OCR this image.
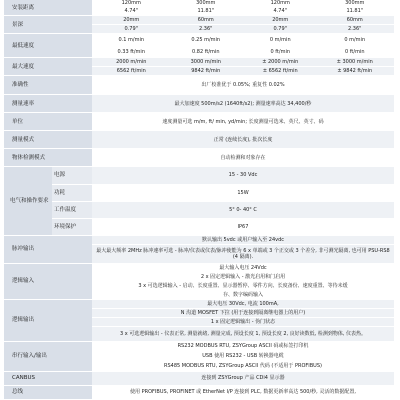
安装距离	120mm 300mm 120mm 300mm

	4.74" 11.81" 4.74" 11.81"

景深	20mm 60mm 20mm 60mm

	0.79" 2.36" 0.79" 2.36"

最低速度	0.1 m/min 0.25 m/min 0 m/min 0 m/min

	0.33 ft/min 0.82 ft/min 0 ft/min 0 ft/min

最大速度	2000 m/min 3000 m/min ± 2000 m/min ± 3000 m/min

	6562 ft/min 9842 ft/min ± 6562 ft/min ± 9842 ft/min

准确性	出厂校准优于 0.05%; 重复性 0.02%
测量速率	最大加速度 500m/s2 (1640ft/s2); 测量速率高达 34,400/秒
单位	速度测量可选 m/m, ft/ min, yd/min; 长度测量可选米、英尺、英寸、码
测量模式	正常 (连续长度), 批次长度
物体检测模式	自动检测和对象存在
电气和操作要求	电源	15 - 30 Vdc
	功耗	15W
	工作温度	5° 0- 40° C
	环境保护	IP67
脉冲输出	默认输出 5vdc 或用户输入至 24vdc
	最大最大频率 2MHz 脉冲速率可选 - 脉冲/仪表或仪表/脉冲使能为 6 x 单端或 3 个正交或 3 个差分, 非弓测光隔离, 也可用 PSU-RS8 (4 隔离).
逻辑输入	最大输入电压 24Vdc
	2 x 固定逻辑输入 - 激光启用和门启用
	3 x 可选逻辑输入 - 启动、长度重置、显示器暂停、零件方向、长度备份、速度重置、等待未缓
	存、数字编码输入
逻辑输出	最大电压 30Vdc, 电流 100mA,
	N 沟道 MOSFET 下拉 (用于连接到隔离继电器上的用户)
	1 x 固定逻辑输出 - 伪门状态
	3 x 可选逻辑输出 - 仪表正常, 测量就绪, 测量完成, 预设长度 1, 预设长度 2, 良好读数低, 检测到物体, 仪表热。
串行输入/输出	RS232 MODBUS RTU, ZSYGroup ASCII 码或标签打印机
	USB 使用 RS232 - USB 转换器电缆
	RS485 MODBUS RTU, ZSYGroup ASCII 代码 (不适用于 PROFIBUS)
CANBUS	连接到 ZSYGroup 产品 CDi4 显示器
总线	使用 PROFIBUS, PROFINET 或 EtherNet I/P 连接到 PLC, 数据更新率高达 500/秒, 灵活的数据配置,
